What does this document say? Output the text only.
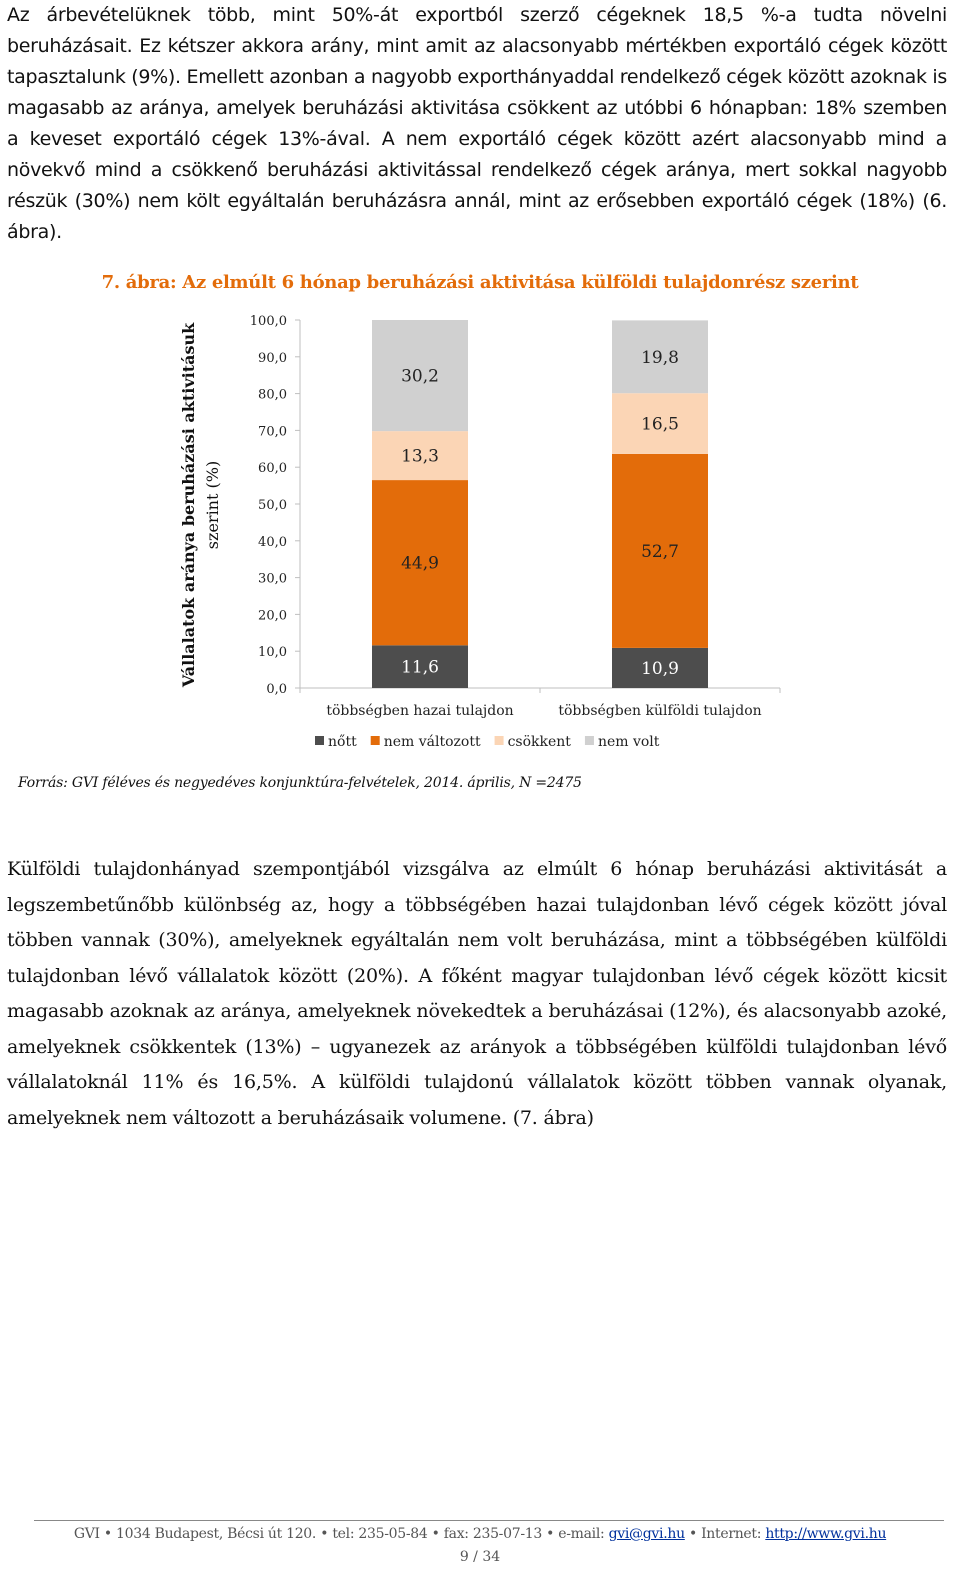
Az árbevételüknek több, mint 50%-át exportból szerző cégeknek 18,5 %-a tudta növelni beruházásait. Ez kétszer akkora arány, mint amit az alacsonyabb mértékben exportáló cégek között tapasztalunk (9%). Emellett azonban a nagyobb exporthányaddal rendelkező cégek között azoknak is magasabb az aránya, amelyek beruházási aktivitása csökkent az utóbbi 6 hónapban: 18% szemben a keveset exportáló cégek 13%-ával. A nem exportáló cégek között azért alacsonyabb mind a növekvő mind a csökkenő beruházási aktivitással rendelkező cégek aránya, mert sokkal nagyobb részük (30%) nem költ egyáltalán beruházásra annál, mint az erősebben exportáló cégek (18%) (6. ábra).

7. ábra: Az elmúlt 6 hónap beruházási aktivitása külföldi tulajdonrész szerint

Vállalatok aránya beruházási aktivitásuk szerint (%)
0,0
10,0
20,0
30,0
40,0
50,0
60,0
70,0
80,0
90,0
100,0
11,6
44,9
13,3
30,2
10,9
52,7
16,5
19,8
többségben hazai tulajdon	többségben külföldi tulajdon
nőtt nem változott csökkent nem volt

Forrás: GVI féléves és negyedéves konjunktúra-felvételek, 2014. április, N =2475

Külföldi tulajdonhányad szempontjából vizsgálva az elmúlt 6 hónap beruházási aktivitását a legszembetűnőbb különbség az, hogy a többségében hazai tulajdonban lévő cégek között jóval többen vannak (30%), amelyeknek egyáltalán nem volt beruházása, mint a többségében külföldi tulajdonban lévő vállalatok között (20%). A főként magyar tulajdonban lévő cégek között kicsit magasabb azoknak az aránya, amelyeknek növekedtek a beruházásai (12%), és alacsonyabb azoké, amelyeknek csökkentek (13%) – ugyanezek az arányok a többségében külföldi tulajdonban lévő vállalatoknál 11% és 16,5%. A külföldi tulajdonú vállalatok között többen vannak olyanak, amelyeknek nem változott a beruházásaik volumene. (7. ábra)

GVI • 1034 Budapest, Bécsi út 120. • tel: 235-05-84 • fax: 235-07-13 • e-mail: gvi@gvi.hu • Internet: http://www.gvi.hu

9 / 34
